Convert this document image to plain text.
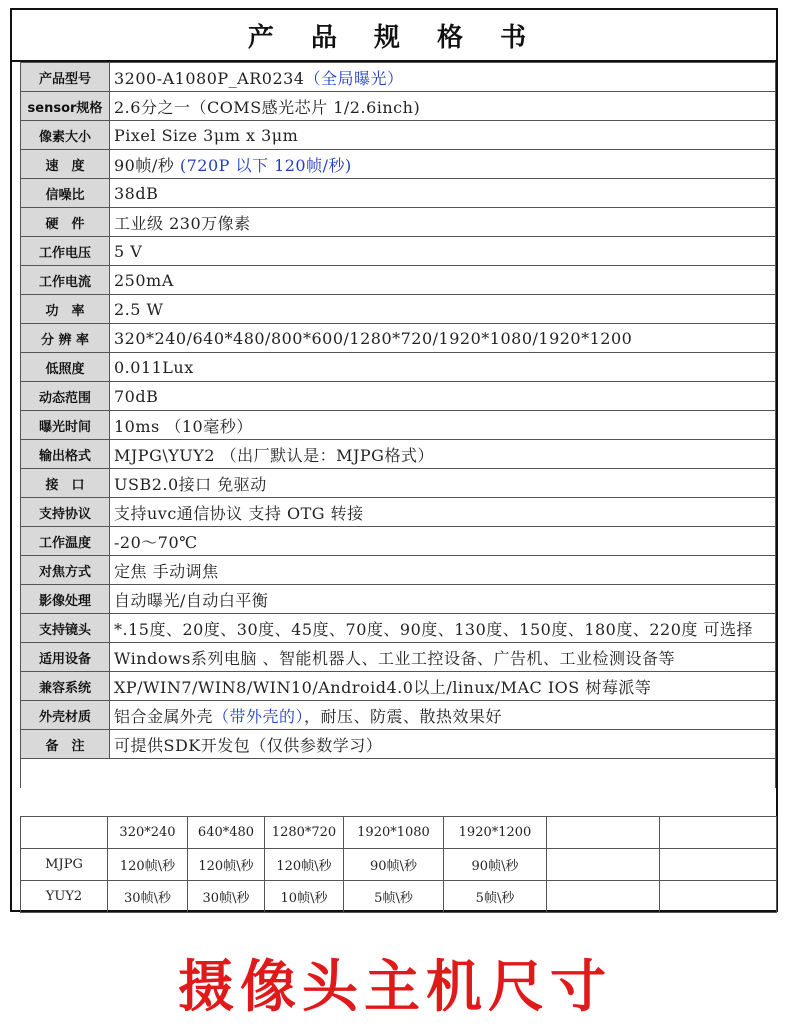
产 品 规 格 书
产品型号	3200-A1080P_AR0234（全局曝光）
sensor规格	2.6分之一（COMS感光芯片 1/2.6inch)
像素大小	Pixel Size 3μm x 3μm
速　度	90帧/秒 (720P 以下 120帧/秒)
信噪比	38dB
硬　件	工业级 230万像素
工作电压	5 V
工作电流	250mA
功　率	2.5 W
分 辨 率	320*240/640*480/800*600/1280*720/1920*1080/1920*1200
低照度	0.011Lux
动态范围	70dB
曝光时间	10ms （10毫秒）
输出格式	MJPG\YUY2 （出厂默认是：MJPG格式）
接　口	USB2.0接口 免驱动
支持协议	支持uvc通信协议 支持 OTG 转接
工作温度	-20～70℃
对焦方式	定焦 手动调焦
影像处理	自动曝光/自动白平衡
支持镜头	*.15度、20度、30度、45度、70度、90度、130度、150度、180度、220度 可选择
适用设备	Windows系列电脑 、智能机器人、工业工控设备、广告机、工业检测设备等
兼容系统	XP/WIN7/WIN8/WIN10/Android4.0以上/linux/MAC IOS 树莓派等
外壳材质	铝合金属外壳（带外壳的），耐压、防震、散热效果好
备　注	可提供SDK开发包（仅供参数学习）

	320*240	640*480	1280*720	1920*1080	1920*1200		
MJPG	120帧\秒	120帧\秒	120帧\秒	90帧\秒	90帧\秒		
YUY2	30帧\秒	30帧\秒	10帧\秒	5帧\秒	5帧\秒		
摄像头主机尺寸
